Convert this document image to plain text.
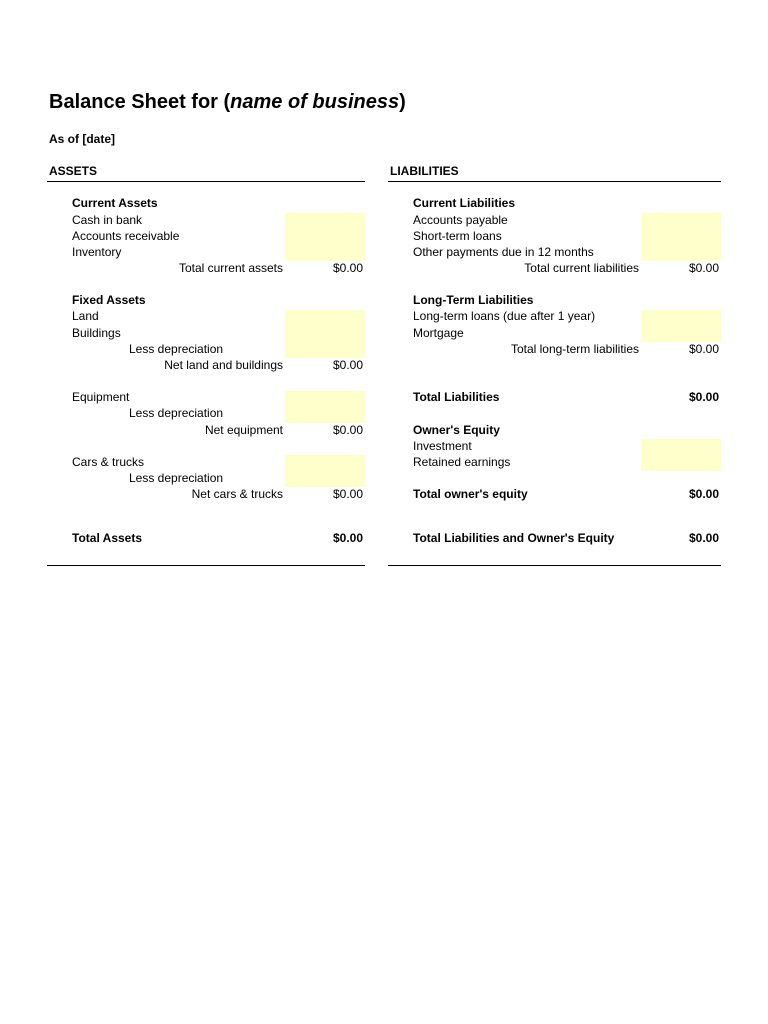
Balance Sheet for (name of business)
As of [date]
ASSETS
Current Assets
Cash in bank
Accounts receivable
Inventory
Total current assets	$0.00
Fixed Assets
Land
Buildings
Less depreciation
Net land and buildings	$0.00
Equipment
Less depreciation
Net equipment	$0.00
Cars & trucks
Less depreciation
Net cars & trucks	$0.00
Total Assets	$0.00
LIABILITIES
Current Liabilities
Accounts payable
Short-term loans
Other payments due in 12 months
Total current liabilities	$0.00
Long-Term Liabilities
Long-term loans (due after 1 year)
Mortgage
Total long-term liabilities	$0.00
Total Liabilities	$0.00
Owner's Equity
Investment
Retained earnings
Total owner's equity	$0.00
Total Liabilities and Owner's Equity	$0.00
